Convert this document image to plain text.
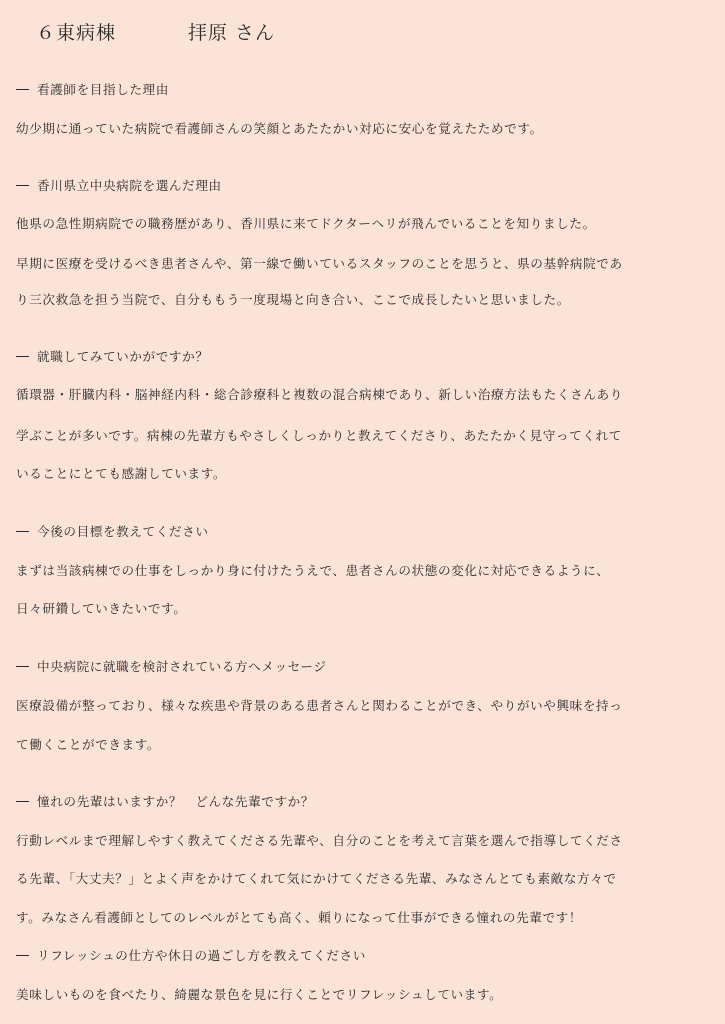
６東病棟	拝原 さん
看護師を目指した理由
幼少期に通っていた病院で看護師さんの笑顔とあたたかい対応に安心を覚えたためです。
香川県立中央病院を選んだ理由
他県の急性期病院での職務歴があり、香川県に来てドクターヘリが飛んでいることを知りました。
早期に医療を受けるべき患者さんや、第一線で働いているスタッフのことを思うと、県の基幹病院であ
り三次救急を担う当院で、自分ももう一度現場と向き合い、ここで成長したいと思いました。
就職してみていかがですか？
循環器・肝臓内科・脳神経内科・総合診療科と複数の混合病棟であり、新しい治療方法もたくさんあり
学ぶことが多いです。病棟の先輩方もやさしくしっかりと教えてくださり、あたたかく見守ってくれて
いることにとても感謝しています。
今後の目標を教えてください
まずは当該病棟での仕事をしっかり身に付けたうえで、患者さんの状態の変化に対応できるように、
日々研鑽していきたいです。
中央病院に就職を検討されている方へメッセージ
医療設備が整っており、様々な疾患や背景のある患者さんと関わることができ、やりがいや興味を持っ
て働くことができます。
憧れの先輩はいますか？　どんな先輩ですか？
行動レベルまで理解しやすく教えてくださる先輩や、自分のことを考えて言葉を選んで指導してくださ
る先輩、「大丈夫？」とよく声をかけてくれて気にかけてくださる先輩、みなさんとても素敵な方々で
す。みなさん看護師としてのレベルがとても高く、頼りになって仕事ができる憧れの先輩です！
リフレッシュの仕方や休日の過ごし方を教えてください
美味しいものを食べたり、綺麗な景色を見に行くことでリフレッシュしています。
